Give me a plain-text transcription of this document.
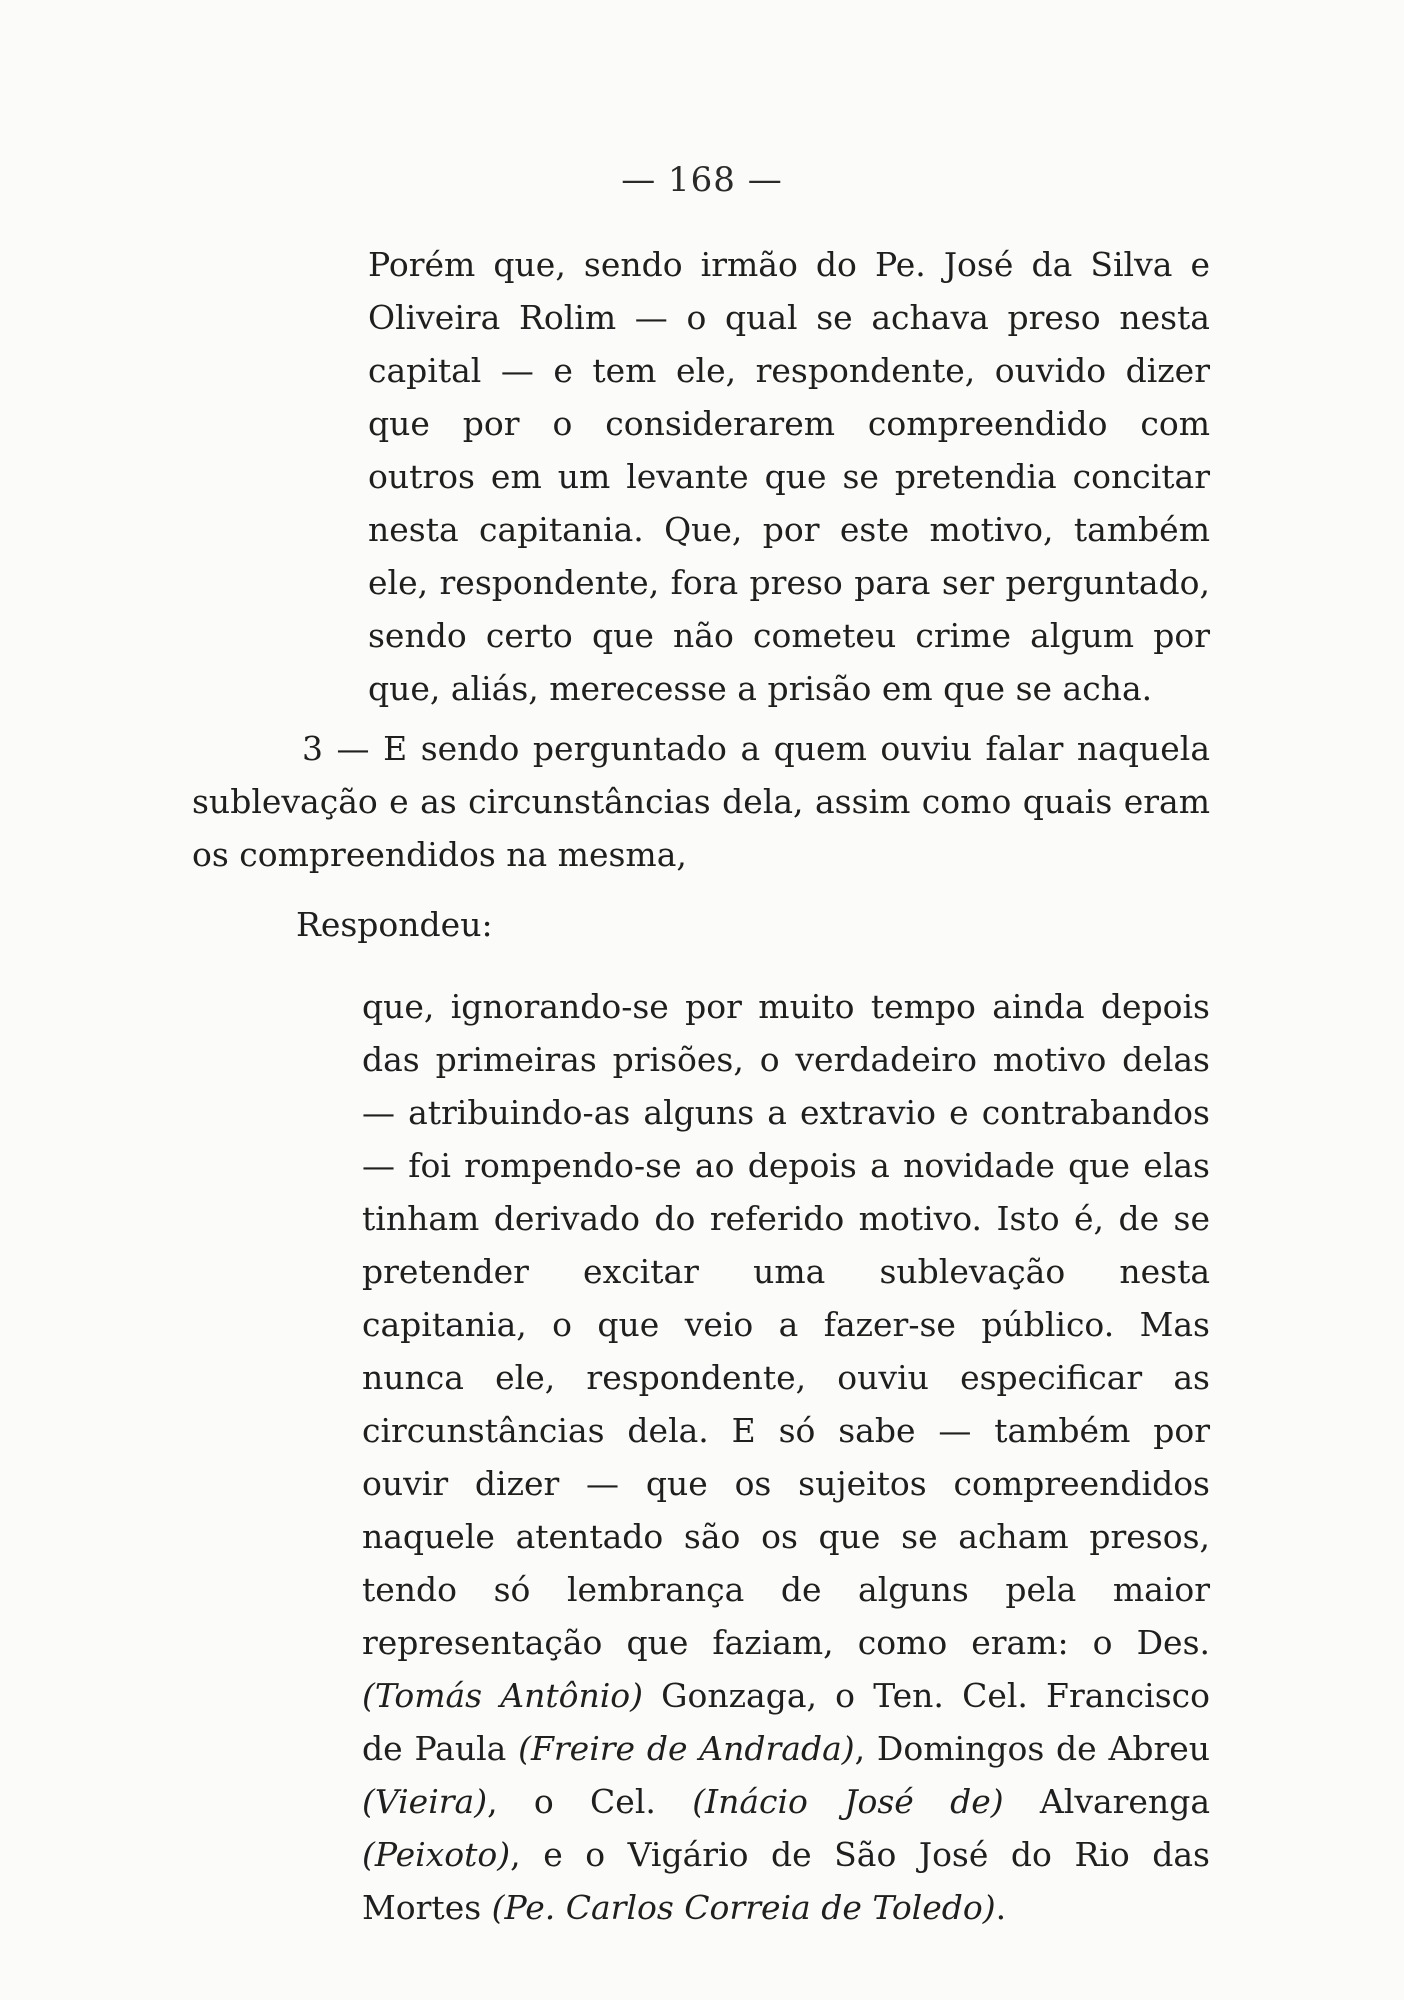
— 168 —

Porém que, sendo irmão do Pe. José da Silva e Oliveira Rolim — o qual se achava preso nesta capital — e tem ele, respondente, ouvido dizer que por o considerarem compreendido com outros em um levante que se pretendia concitar nesta capitania. Que, por este motivo, também ele, respondente, fora preso para ser perguntado, sendo certo que não cometeu crime algum por que, aliás, merecesse a prisão em que se acha.

3 — E sendo perguntado a quem ouviu falar naquela sublevação e as circunstâncias dela, assim como quais eram os compreendidos na mesma,

Respondeu:

que, ignorando-se por muito tempo ainda depois das primeiras prisões, o verdadeiro motivo delas — atribuindo-as alguns a extravio e contrabandos — foi rompendo-se ao depois a novidade que elas tinham derivado do referido motivo. Isto é, de se pretender excitar uma sublevação nesta capitania, o que veio a fazer-se público. Mas nunca ele, respondente, ouviu especificar as circunstâncias dela. E só sabe — também por ouvir dizer — que os sujeitos compreendidos naquele atentado são os que se acham presos, tendo só lembrança de alguns pela maior representação que faziam, como eram: o Des. (Tomás Antônio) Gonzaga, o Ten. Cel. Francisco de Paula (Freire de Andrada), Domingos de Abreu (Vieira), o Cel. (Inácio José de) Alvarenga (Peixoto), e o Vigário de São José do Rio das Mortes (Pe. Carlos Correia de Toledo).
